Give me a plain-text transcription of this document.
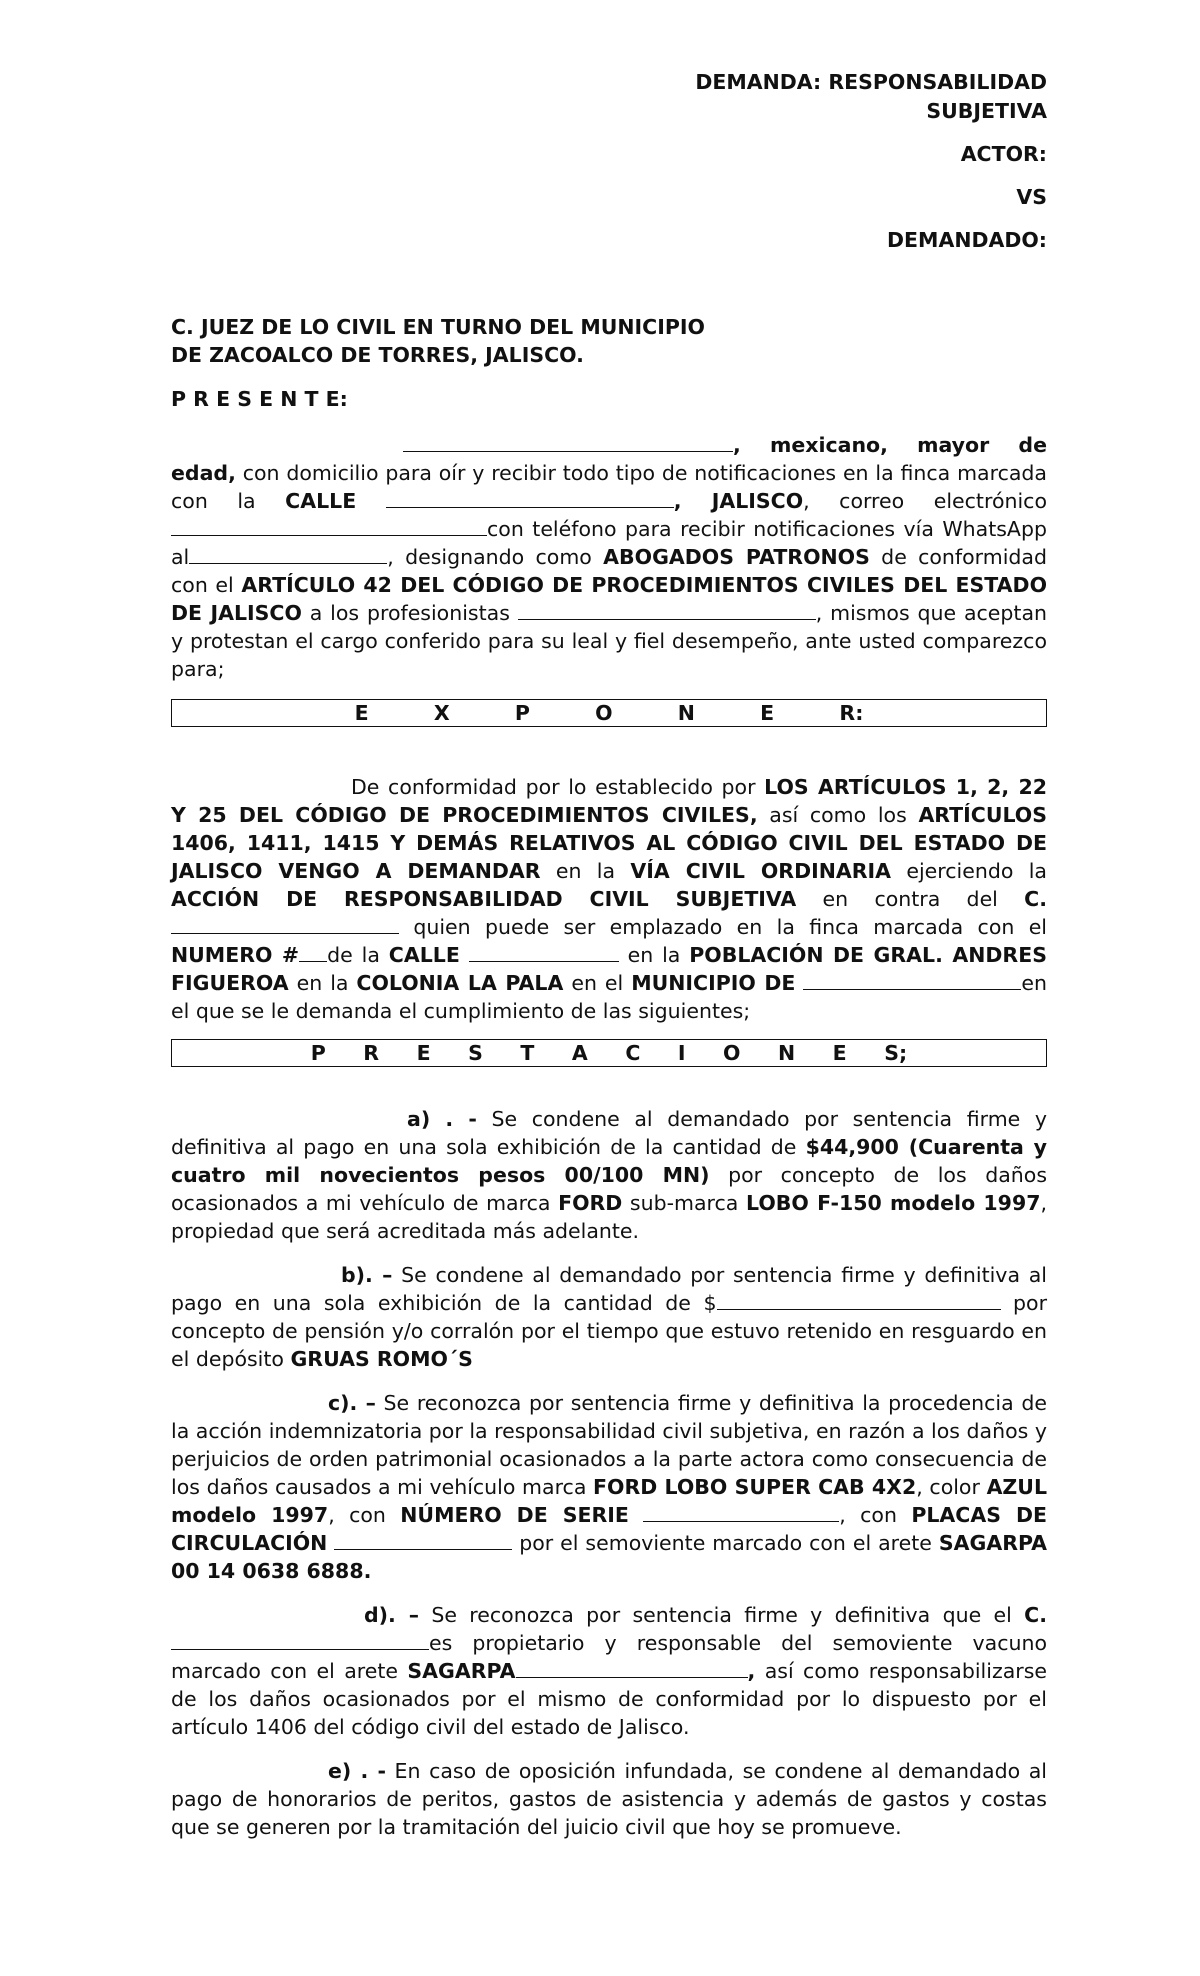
DEMANDA: RESPONSABILIDAD
SUBJETIVA
ACTOR:
VS
DEMANDADO:
C. JUEZ DE LO CIVIL EN TURNO DEL MUNICIPIO
DE ZACOALCO DE TORRES, JALISCO.
P R E S E N T E:

, mexicano, mayor de edad, con domicilio para oír y recibir todo tipo de notificaciones en la finca marcada con la CALLE	, JALISCO, correo electrónico con teléfono para recibir notificaciones vía WhatsApp al	, designando como ABOGADOS PATRONOS de conformidad con el ARTÍCULO 42 DEL CÓDIGO DE PROCEDIMIENTOS CIVILES DEL ESTADO DE JALISCO a los profesionistas	, mismos que aceptan y protestan el cargo conferido para su leal y fiel desempeño, ante usted comparezco para;

E	X	P	O	N	E	R:

De conformidad por lo establecido por LOS ARTÍCULOS 1, 2, 22 Y 25 DEL CÓDIGO DE PROCEDIMIENTOS CIVILES, así como los ARTÍCULOS 1406, 1411, 1415 Y DEMÁS RELATIVOS AL CÓDIGO CIVIL DEL ESTADO DE JALISCO VENGO A DEMANDAR en la VÍA CIVIL ORDINARIA ejerciendo la ACCIÓN DE RESPONSABILIDAD CIVIL SUBJETIVA en contra del C. quien puede ser emplazado en la finca marcada con el NUMERO # de la CALLE	en la POBLACIÓN DE GRAL. ANDRES FIGUEROA en la COLONIA LA PALA en el MUNICIPIO DE	en el que se le demanda el cumplimiento de las siguientes;

P R E S T A C I O N E S;

a) . - Se condene al demandado por sentencia firme y definitiva al pago en una sola exhibición de la cantidad de $44,900 (Cuarenta y cuatro mil novecientos pesos 00/100 MN) por concepto de los daños ocasionados a mi vehículo de marca FORD sub-marca LOBO F-150 modelo 1997, propiedad que será acreditada más adelante.

b). – Se condene al demandado por sentencia firme y definitiva al pago en una sola exhibición de la cantidad de $	por concepto de pensión y/o corralón por el tiempo que estuvo retenido en resguardo en el depósito GRUAS ROMO´S

c). – Se reconozca por sentencia firme y definitiva la procedencia de la acción indemnizatoria por la responsabilidad civil subjetiva, en razón a los daños y perjuicios de orden patrimonial ocasionados a la parte actora como consecuencia de los daños causados a mi vehículo marca FORD LOBO SUPER CAB 4X2, color AZUL modelo 1997, con NÚMERO DE SERIE	, con PLACAS DE CIRCULACIÓN	por el semoviente marcado con el arete SAGARPA 00 14 0638 6888.

d). – Se reconozca por sentencia firme y definitiva que el C. es propietario y responsable del semoviente vacuno marcado con el arete SAGARPA	, así como responsabilizarse de los daños ocasionados por el mismo de conformidad por lo dispuesto por el artículo 1406 del código civil del estado de Jalisco.

e) . - En caso de oposición infundada, se condene al demandado al pago de honorarios de peritos, gastos de asistencia y además de gastos y costas que se generen por la tramitación del juicio civil que hoy se promueve.
